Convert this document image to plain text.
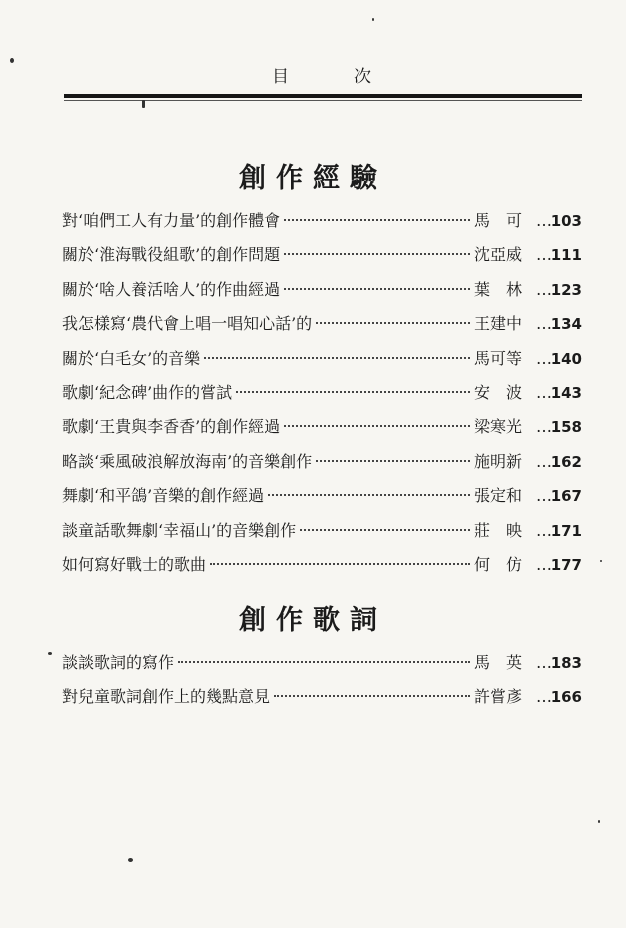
目	次
創作經驗
對‘咱們工人有力量’的創作體會	馬　可 … 103
關於‘淮海戰役組歌’的創作問題	沈亞威 … 111
關於‘啥人養活啥人’的作曲經過	葉　林 … 123
我怎樣寫‘農代會上唱一唱知心話’的	王建中 … 134
關於‘白毛女’的音樂	馬可等 … 140
歌劇‘紀念碑’曲作的嘗試	安　波 … 143
歌劇‘王貴與李香香’的創作經過	梁寒光 … 158
略談‘乘風破浪解放海南’的音樂創作	施明新 … 162
舞劇‘和平鴿’音樂的創作經過	張定和 … 167
談童話歌舞劇‘幸福山’的音樂創作	莊　映 … 171
如何寫好戰士的歌曲	何　仿 … 177
創作歌詞
談談歌詞的寫作	馬　英 … 183
對兒童歌詞創作上的幾點意見	許嘗彥 … 166
